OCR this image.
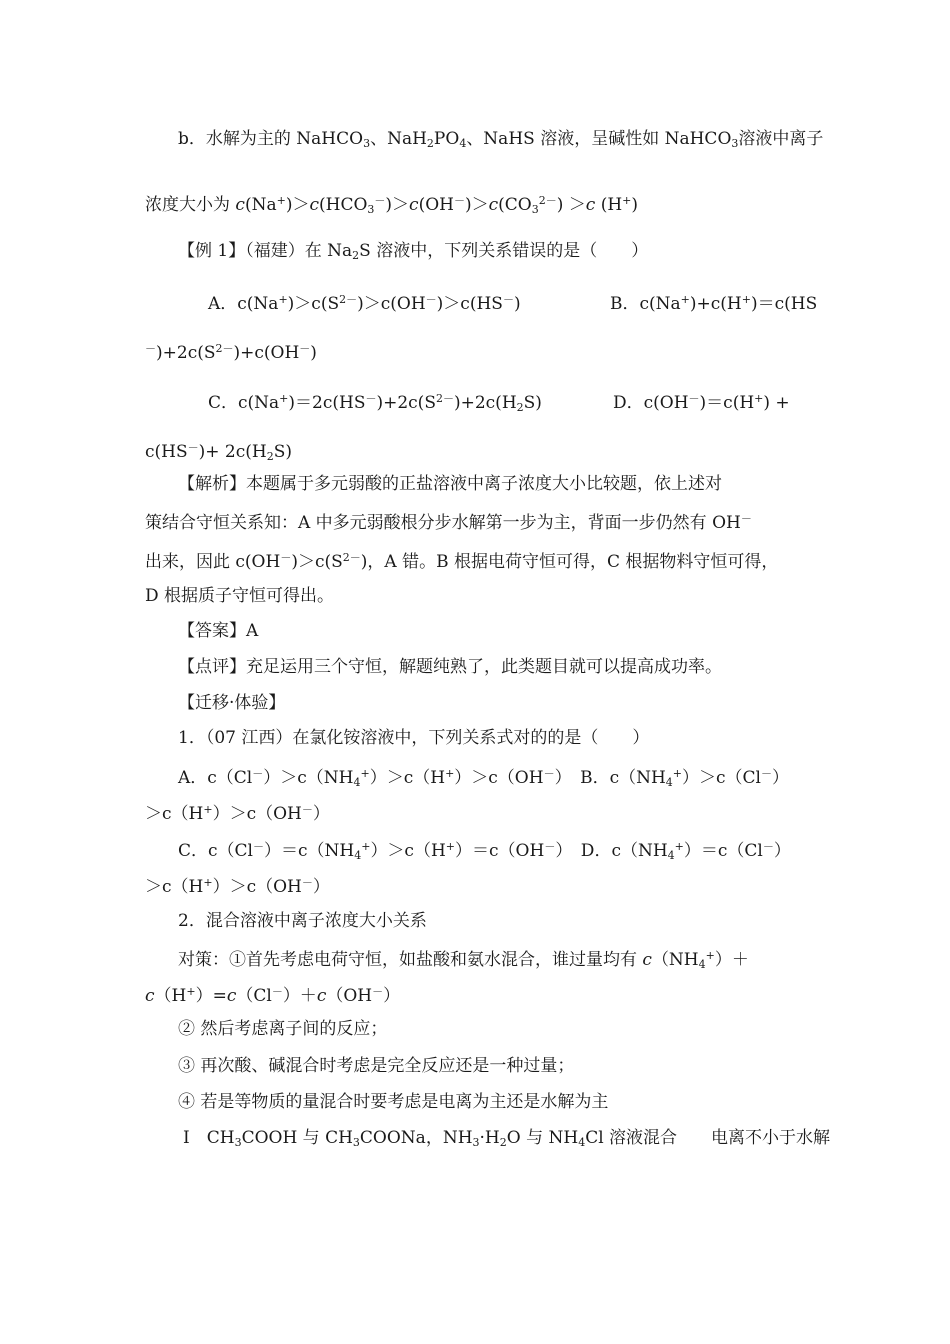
b．水解为主的 NaHCO$_3$、$NaH_2PO_4$、NaHS 溶液，呈碱性如 NaHCO$_3$溶液中离子
浓度大小为 $c(Na^+)>c(HCO_3^-)>c(OH^-)>c(CO_3^{2-}) >c$ (H+)
【例 1】（福建）在 $Na_2S$ 溶液中，下列关系错误的是（　　）
A．$c(Na^+)>c(S^{2-})>c(OH^-)>c(HS^-)$	B．c(Na+)+c(H+)＝c(HS
$^-)+2c(S^{2-})+c(OH^-)$
C．$c(Na^+)=2c(HS^-)+2c(S^{2-})+2c(H_2S)$	D．c(OH－)＝c(H+) +
$c(HS^-)+ 2c(H_2S)$
【解析】本题属于多元弱酸的正盐溶液中离子浓度大小比较题，依上述对
策结合守恒关系知：A 中多元弱酸根分步水解第一步为主，背面一步仍然有 OH－
出来，因此 $c(OH^-)>c(S^{2-})$，A 错。B 根据电荷守恒可得，C 根据物料守恒可得，
D 根据质子守恒可得出。
【答案】A
【点评】充足运用三个守恒，解题纯熟了，此类题目就可以提高成功率。
【迁移·体验】
1．（07 江西）在氯化铵溶液中，下列关系式对的的是（　　）
A．$c(Cl^-)>c(NH_4^+)>c(H^+)>c(OH^-)$　B．$c(NH_4^+)>c(Cl^-)$
＞c（H+）＞c（OH－）
C．$c(Cl^-)=c(NH_4^+)>c(H^+)=c(OH^-)$　D．$c(NH_4^+)=c(Cl^-)$
＞c（H+）＞c（OH－）
2．混合溶液中离子浓度大小关系
对策：①首先考虑电荷守恒，如盐酸和氨水混合，谁过量均有 $c(NH_4^+)+$
c（H+）=c（Cl－）＋c（OH－）
② 然后考虑离子间的反应；
③ 再次酸、碱混合时考虑是完全反应还是一种过量；
④ 若是等物质的量混合时要考虑是电离为主还是水解为主
Ⅰ　$CH_3COOH$ 与 $CH_3COONa$，$NH_3\cdot H_2O$ 与 $NH_4Cl$ 溶液混合　　电离不小于水解
